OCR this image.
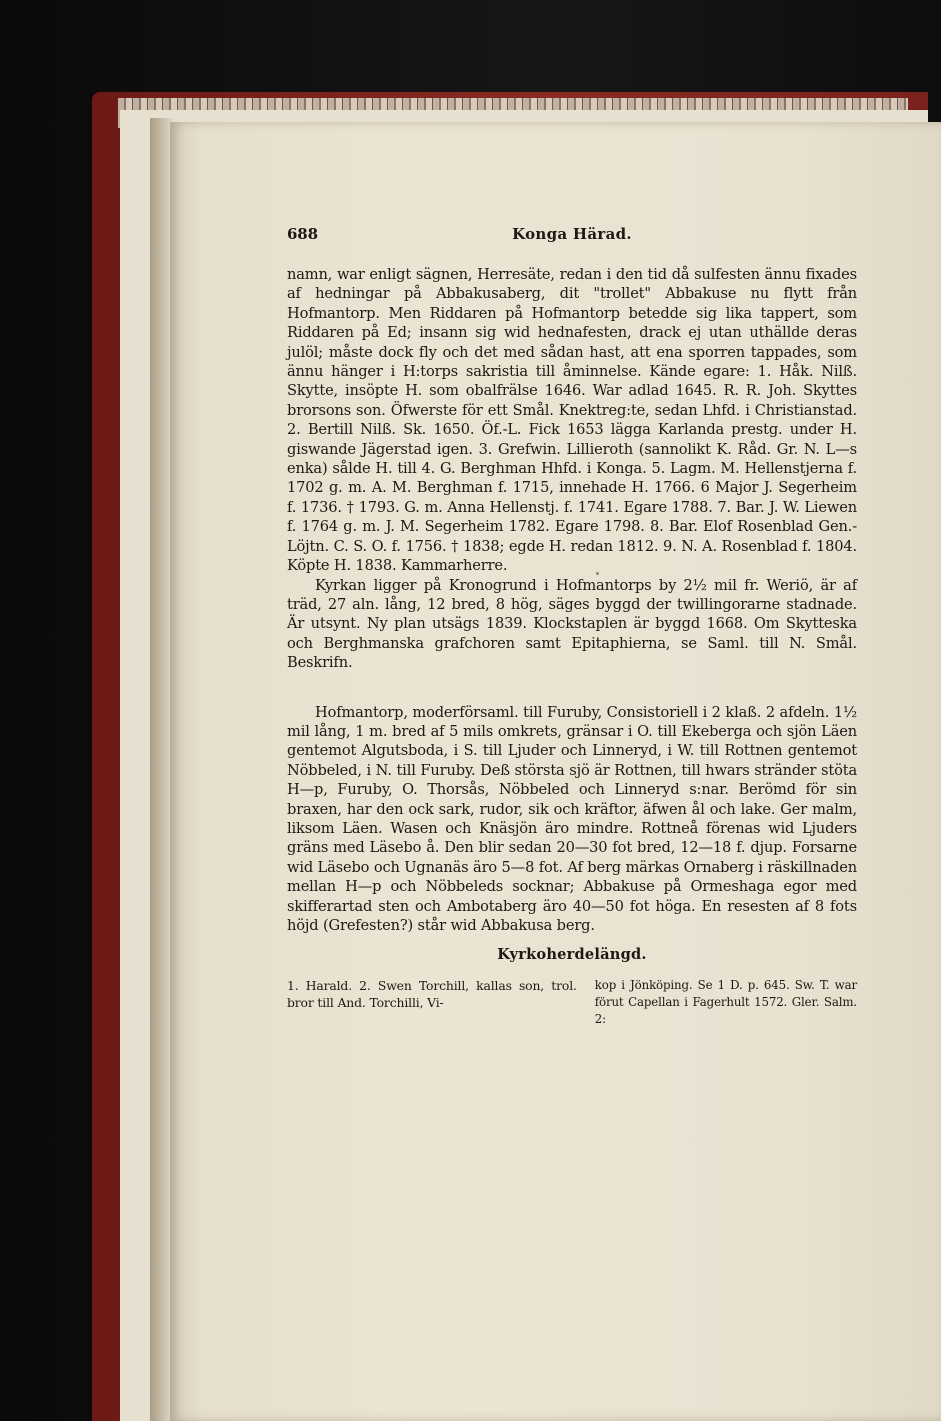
688	Konga Härad.

namn, war enligt sägnen, Herresäte, redan i den tid då sulfesten ännu fixades af hedningar på Abbakusaberg, dit "trollet" Abbakuse nu flytt från Hofmantorp. Men Riddaren på Hofmantorp betedde sig lika tappert, som Riddaren på Ed; insann sig wid hednafesten, drack ej utan uthällde deras julöl; måste dock fly och det med sådan hast, att ena sporren tappades, som ännu hänger i H:torps sakristia till åminnelse. Kände egare: 1. Håk. Nilß. Skytte, insöpte H. som obalfrälse 1646. War adlad 1645. R. R. Joh. Skyttes brorsons son. Öfwerste för ett Smål. Knektreg:te, sedan Lhfd. i Christianstad. 2. Bertill Nilß. Sk. 1650. Öf.-L. Fick 1653 lägga Karlanda prestg. under H. giswande Jägerstad igen. 3. Grefwin. Lilliеroth (sannolikt K. Råd. Gr. N. L—s enka) sålde H. till 4. G. Berghman Hhfd. i Konga. 5. Lagm. M. Hellenstjerna f. 1702 g. m. A. M. Berghman f. 1715, innehade H. 1766. 6 Major J. Segerheim f. 1736. † 1793. G. m. Anna Hellenstj. f. 1741. Egare 1788. 7. Bar. J. W. Liewen f. 1764 g. m. J. M. Segerheim 1782. Egare 1798. 8. Bar. Elof Rosenblad Gen.-Löjtn. C. S. O. f. 1756. † 1838; egde H. redan 1812. 9. N. A. Rosenblad f. 1804. Köpte H. 1838. Kammarherre.

Kyrkan ligger på Kronogrund i Hofmantorps by 2½ mil fr. Weriö, är af träd, 27 aln. lång, 12 bred, 8 hög, säges byggd der twillingorarne stadnade. Är utsynt. Ny plan utsägs 1839. Klockstaplen är byggd 1668. Om Skyttеska och Berghmanska grafchoren samt Epitaphierna, se Saml. till N. Smål. Beskrifn.

Hofmantorp, moderförsaml. till Furuby, Consistoriell i 2 klaß. 2 afdeln. 1½ mil lång, 1 m. bred af 5 mils omkrets, gränsar i O. till Ekeberga och sjön Läen gentemot Algutsboda, i S. till Ljuder och Linneryd, i W. till Rottnen gentemot Nöbbeled, i N. till Furuby. Deß största sjö är Rottnen, till hwars stränder stöta H—p, Furuby, O. Thorsås, Nöbbeled och Linneryd s:nar. Berömd för sin braxen, har den ock sark, rudor, sik och kräftor, äfwen ål och lake. Ger malm, liksom Läen. Wasen och Knäsjön äro mindre. Rottneå förenas wid Ljuders gräns med Läsebo å. Den blir sedan 20—30 fot bred, 12—18 f. djup. Forsarne wid Läsebo och Ugnanäs äro 5—8 fot. Af berg märkas Ornaberg i räskillnaden mellan H—p och Nöbbeleds socknar; Abbakuse på Ormeshaga egor med skifferartad sten och Ambotaberg äro 40—50 fot höga. En resesten af 8 fots höjd (Grefesten?) står wid Abbakusa berg.

Kyrkoherdelängd.
1. Harald. 2. Swen Torchill, kallas son, trol. bror till And. Torchilli, Vi-
kop i Jönköping. Se 1 D. p. 645. Sw. T. war förut Capellan i Fagerhult 1572. Gler. Salm. 2:
